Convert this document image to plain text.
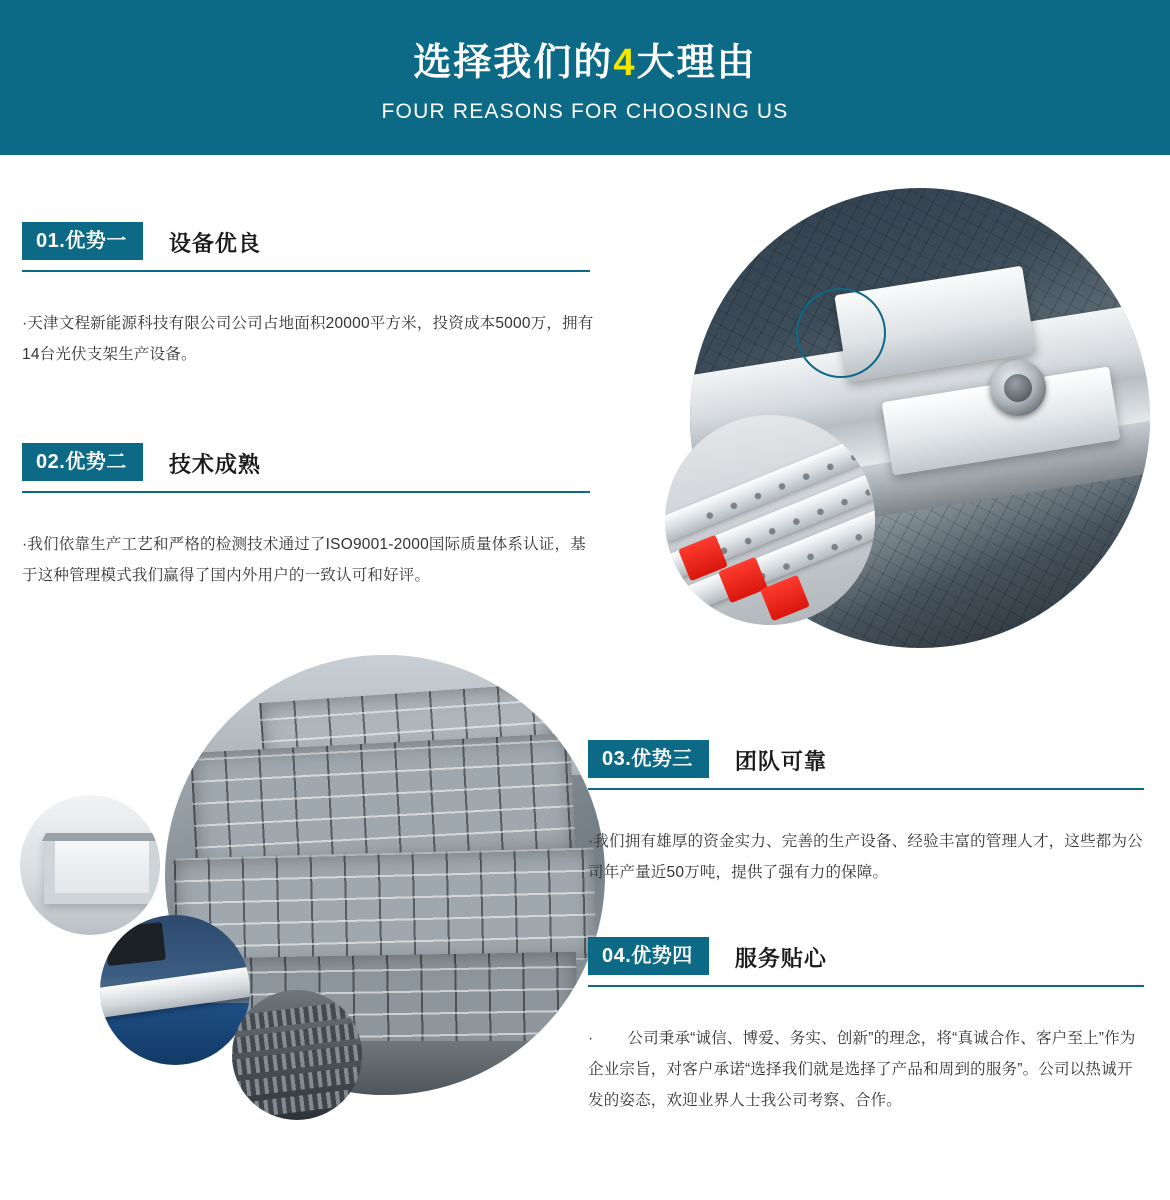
选择我们的4大理由
FOUR REASONS FOR CHOOSING US
01.优势一	设备优良
·天津文程新能源科技有限公司公司占地面积20000平方米，投资成本5000万，拥有14台光伏支架生产设备。
02.优势二	技术成熟
·我们依靠生产工艺和严格的检测技术通过了ISO9001-2000国际质量体系认证，基于这种管理模式我们赢得了国内外用户的一致认可和好评。
03.优势三	团队可靠
·我们拥有雄厚的资金实力、完善的生产设备、经验丰富的管理人才，这些都为公司年产量近50万吨，提供了强有力的保障。
04.优势四	服务贴心
· 公司秉承“诚信、博爱、务实、创新”的理念，将“真诚合作、客户至上”作为企业宗旨，对客户承诺“选择我们就是选择了产品和周到的服务”。公司以热诚开发的姿态，欢迎业界人士我公司考察、合作。
